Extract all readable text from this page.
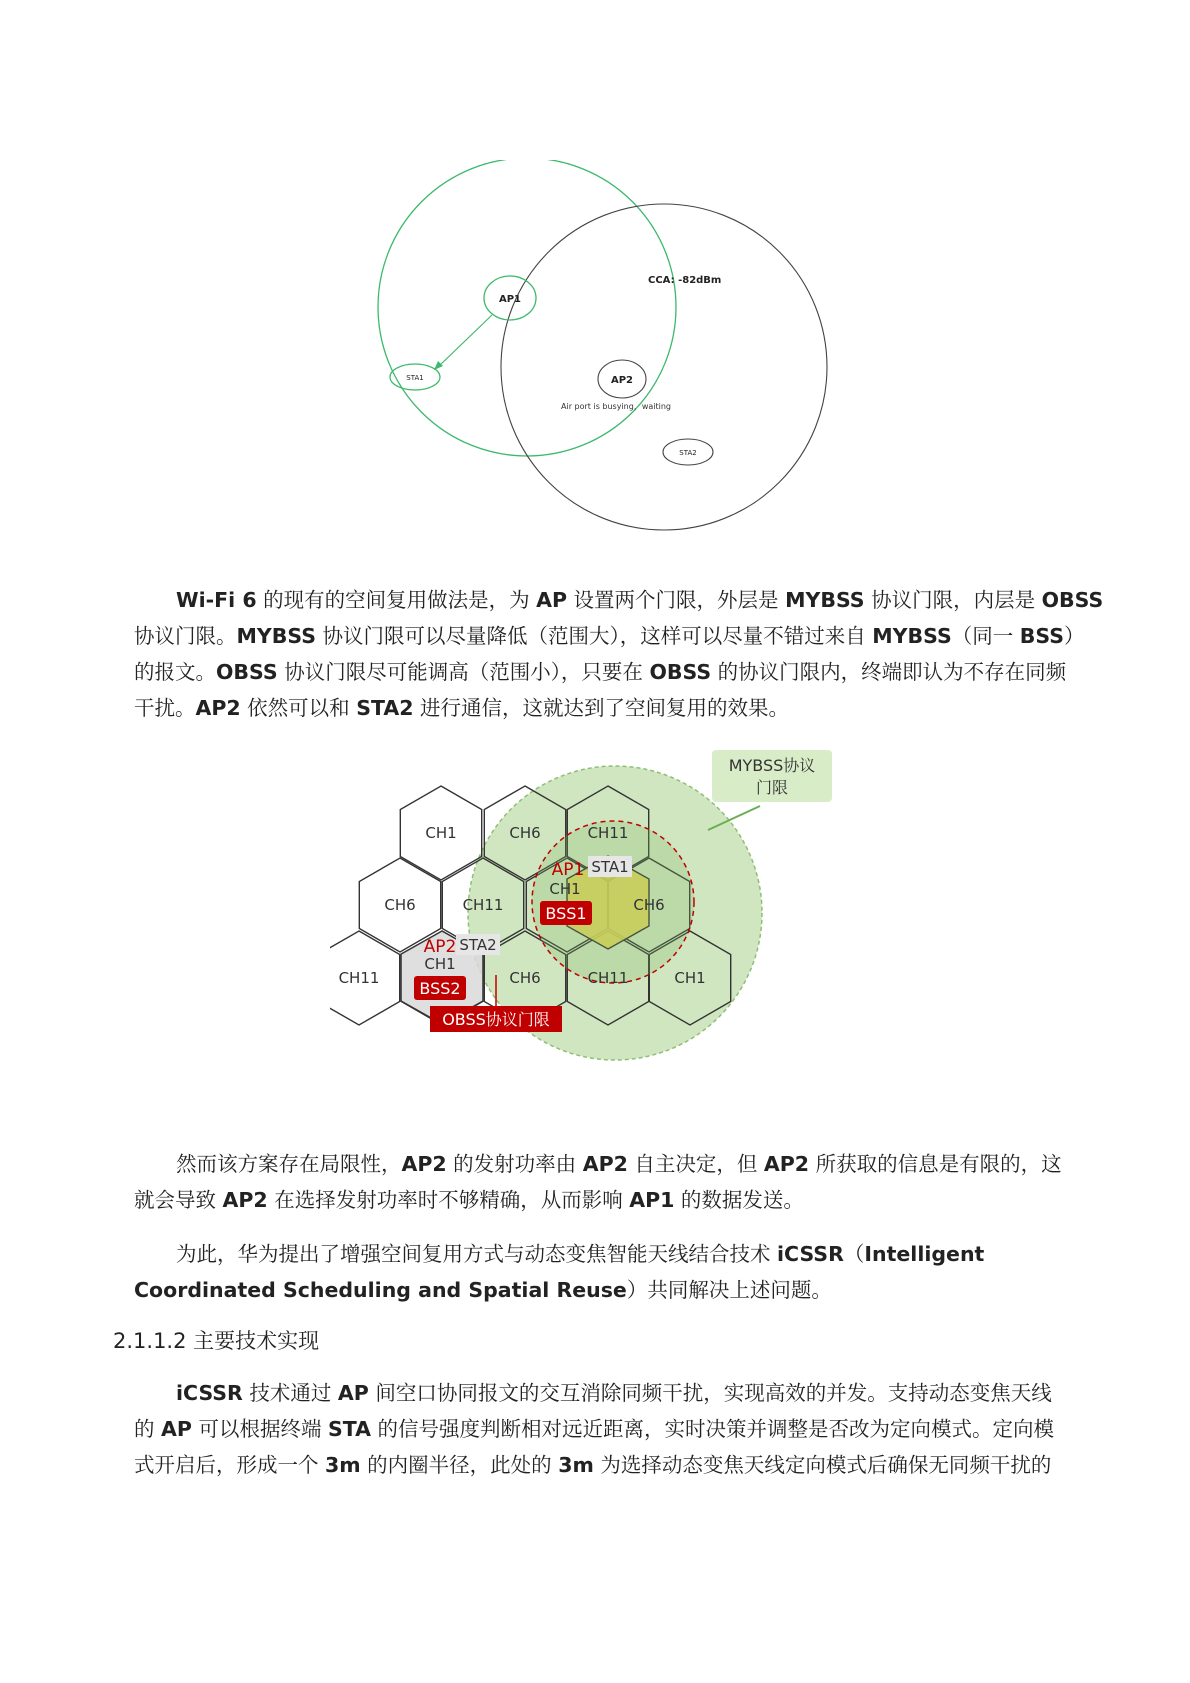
AP1
STA1
CCA: -82dBm
AP2
Air port is busying，waiting
STA2

Wi-Fi 6 的现有的空间复用做法是，为 AP 设置两个门限，外层是 MYBSS 协议门限，内层是 OBSS
协议门限。MYBSS 协议门限可以尽量降低（范围大），这样可以尽量不错过来自 MYBSS（同一 BSS）
的报文。OBSS 协议门限尽可能调高（范围小），只要在 OBSS 的协议门限内，终端即认为不存在同频
干扰。AP2 依然可以和 STA2 进行通信，这就达到了空间复用的效果。

CH1	CH6	CH11
CH6	CH11	CH6
CH11	CH6	CH11	CH1
AP1
CH1
BSS1
STA1
AP2
CH1
BSS2
STA2
MYBSS协议
门限
OBSS协议门限

然而该方案存在局限性，AP2 的发射功率由 AP2 自主决定，但 AP2 所获取的信息是有限的，这
就会导致 AP2 在选择发射功率时不够精确，从而影响 AP1 的数据发送。

为此，华为提出了增强空间复用方式与动态变焦智能天线结合技术 iCSSR（Intelligent
Coordinated Scheduling and Spatial Reuse）共同解决上述问题。

2.1.1.2 主要技术实现

iCSSR 技术通过 AP 间空口协同报文的交互消除同频干扰，实现高效的并发。支持动态变焦天线
的 AP 可以根据终端 STA 的信号强度判断相对远近距离，实时决策并调整是否改为定向模式。定向模
式开启后，形成一个 3m 的内圈半径，此处的 3m 为选择动态变焦天线定向模式后确保无同频干扰的
